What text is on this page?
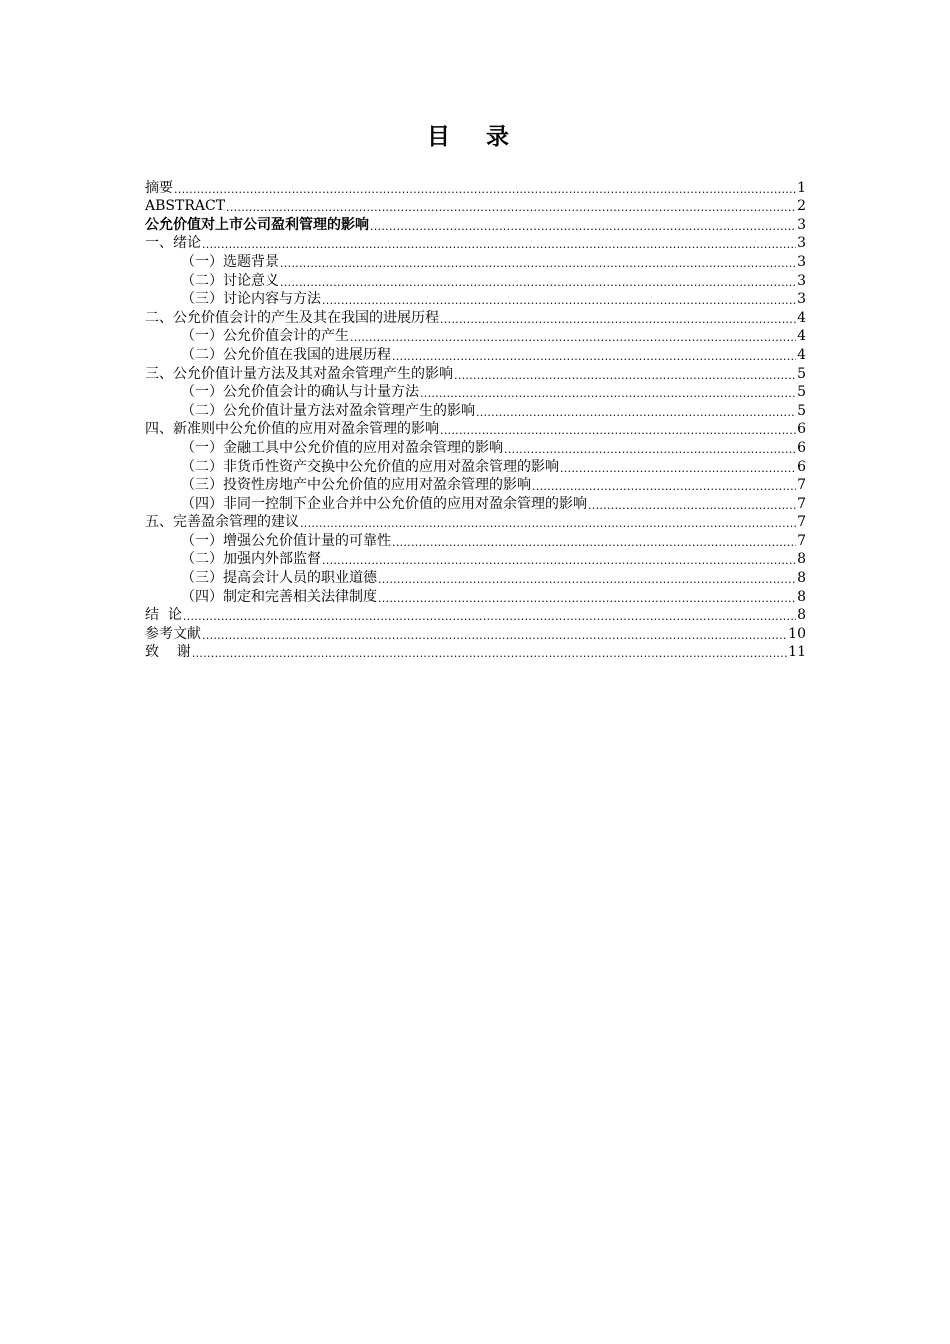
目 录
摘要 .....	1
ABSTRACT .....	2
公允价值对上市公司盈利管理的影响 .....	3
一、绪论 .....	3
（一）选题背景 .....	3
（二）讨论意义 .....	3
（三）讨论内容与方法 .....	3
二、公允价值会计的产生及其在我国的进展历程 .....	4
（一）公允价值会计的产生 .....	4
（二）公允价值在我国的进展历程 .....	4
三、公允价值计量方法及其对盈余管理产生的影响 .....	5
（一）公允价值会计的确认与计量方法 .....	5
（二）公允价值计量方法对盈余管理产生的影响 .....	5
四、新准则中公允价值的应用对盈余管理的影响 .....	6
（一）金融工具中公允价值的应用对盈余管理的影响 .....	6
（二）非货币性资产交换中公允价值的应用对盈余管理的影响 .....	6
（三）投资性房地产中公允价值的应用对盈余管理的影响 .....	7
（四）非同一控制下企业合并中公允价值的应用对盈余管理的影响 .....	7
五、完善盈余管理的建议 .....	7
（一）增强公允价值计量的可靠性 .....	7
（二）加强内外部监督 .....	8
（三）提高会计人员的职业道德 .....	8
（四）制定和完善相关法律制度 .....	8
结  论 .....	8
参考文献 .....	10
致    谢 .....	11
